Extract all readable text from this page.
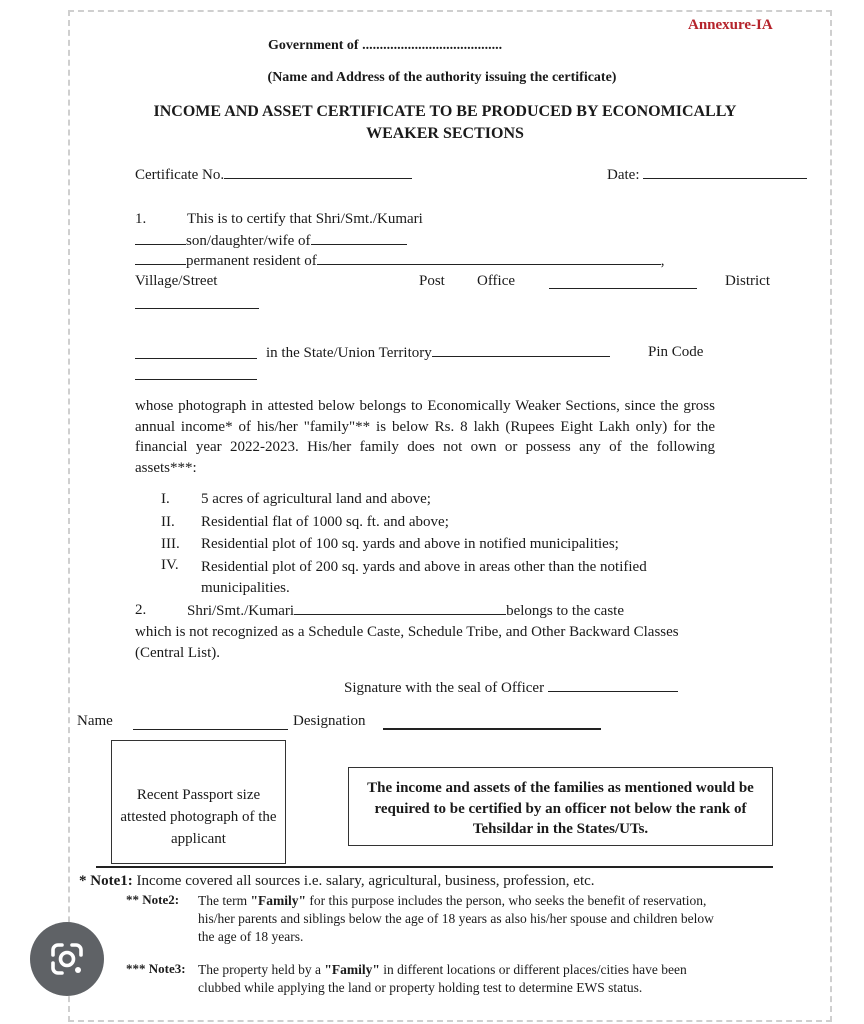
Annexure-IA
Government of ........................................
(Name and Address of the authority issuing the certificate)
INCOME AND ASSET CERTIFICATE TO BE PRODUCED BY ECONOMICALLY
WEAKER SECTIONS
Certificate No.	Date:
1.	This is to certify that Shri/Smt./Kumari
son/daughter/wife of
permanent resident of	,
Village/Street	Post Office	District
in the State/Union Territory	Pin Code
whose photograph in attested below belongs to Economically Weaker Sections, since the gross annual income* of his/her "family"** is below Rs. 8 lakh (Rupees Eight Lakh only) for the financial year 2022-2023. His/her family does not own or possess any of the following assets***:
I. 5 acres of agricultural land and above;
II. Residential flat of 1000 sq. ft. and above;
III. Residential plot of 100 sq. yards and above in notified municipalities;
IV. Residential plot of 200 sq. yards and above in areas other than the notified municipalities.
2.	Shri/Smt./Kumari	belongs to the caste
which is not recognized as a Schedule Caste, Schedule Tribe, and Other Backward Classes (Central List).
Signature with the seal of Officer
Name	Designation
Recent Passport size attested photograph of the applicant
The income and assets of the families as mentioned would be required to be certified by an officer not below the rank of Tehsildar in the States/UTs.
* Note1: Income covered all sources i.e. salary, agricultural, business, profession, etc.
** Note2: The term "Family" for this purpose includes the person, who seeks the benefit of reservation, his/her parents and siblings below the age of 18 years as also his/her spouse and children below the age of 18 years.
*** Note3: The property held by a "Family" in different locations or different places/cities have been clubbed while applying the land or property holding test to determine EWS status.
